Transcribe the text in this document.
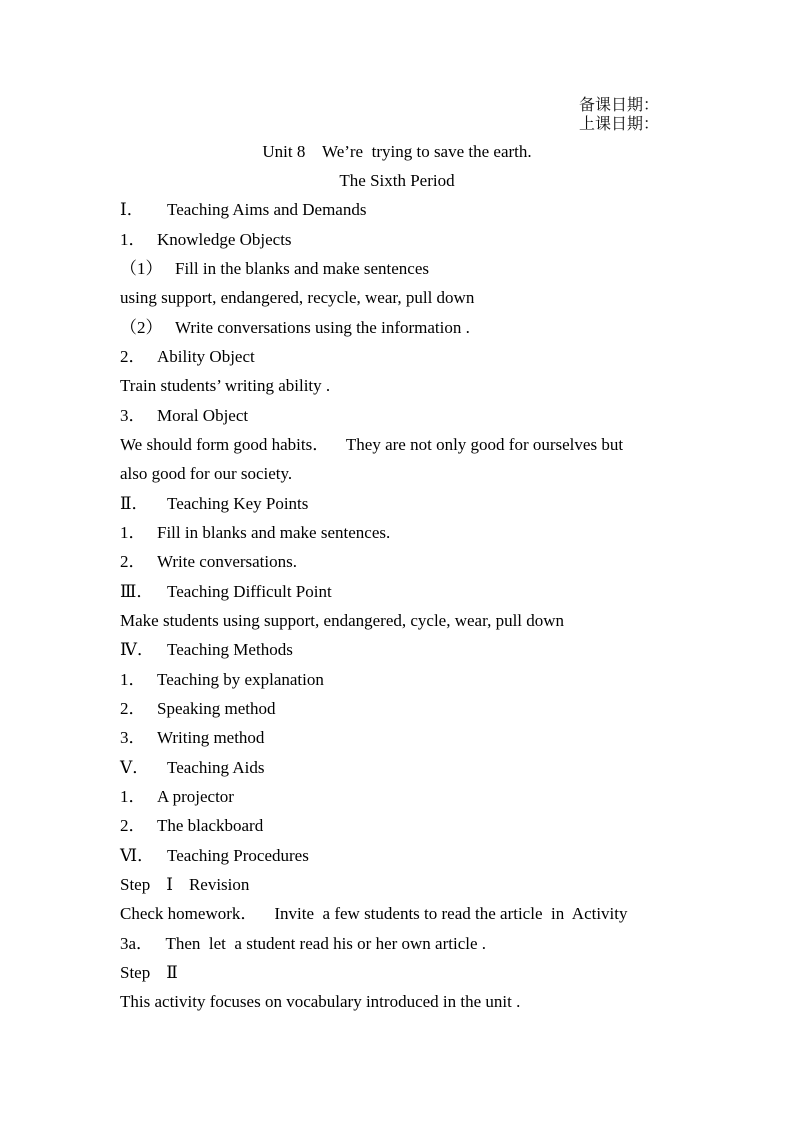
备课日期：
上课日期：
Unit 8    We’re  trying to save the earth.
The Sixth Period
Ⅰ． Teaching Aims and Demands
1． Knowledge Objects
（1） Fill in the blanks and make sentences
using support, endangered, recycle, wear, pull down
（2） Write conversations using the information .
2． Ability Object
Train students’ writing ability .
3． Moral Object
We should form good habits．    They are not only good for ourselves but
also good for our society.
Ⅱ． Teaching Key Points
1． Fill in blanks and make sentences.
2． Write conversations.
Ⅲ． Teaching Difficult Point
Make students using support, endangered, cycle, wear, pull down
Ⅳ． Teaching Methods
1． Teaching by explanation
2． Speaking method
3． Writing method
Ⅴ． Teaching Aids
1． A projector
2． The blackboard
Ⅵ． Teaching Procedures
Step Ⅰ Revision
Check homework．    Invite  a few students to read the article  in  Activity
3a．   Then  let  a student read his or her own article .
Step Ⅱ
This activity focuses on vocabulary introduced in the unit .
